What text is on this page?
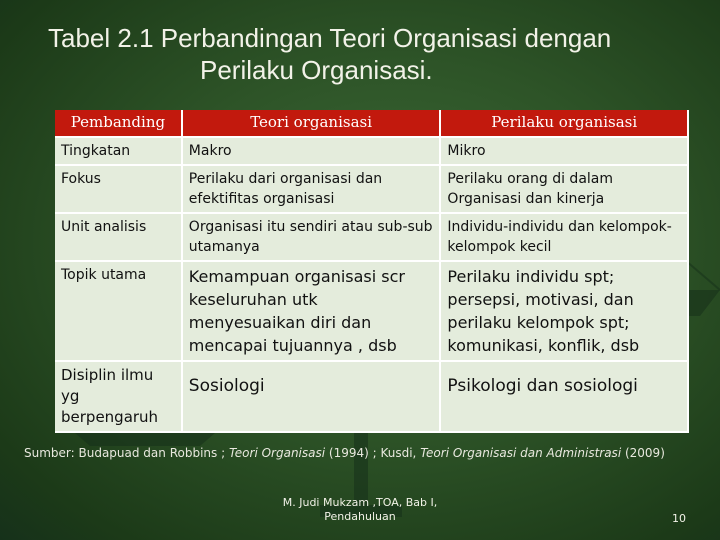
Tabel 2.1 Perbandingan Teori Organisasi dengan
Perilaku Organisasi.
Pembanding	Teori organisasi	Perilaku organisasi
Tingkatan	Makro	Mikro
Fokus	Perilaku dari organisasi dan efektifitas organisasi	Perilaku orang di dalam Organisasi dan kinerja
Unit analisis	Organisasi itu sendiri atau sub-sub utamanya	Individu-individu dan kelompok-kelompok kecil
Topik utama	Kemampuan organisasi scr keseluruhan utk menyesuaikan diri dan mencapai tujuannya , dsb	Perilaku individu spt; persepsi, motivasi, dan perilaku kelompok spt; komunikasi, konflik, dsb
Disiplin ilmu yg berpengaruh	Sosiologi	Psikologi dan sosiologi
Sumber: Budapuad dan Robbins ; Teori Organisasi (1994) ; Kusdi, Teori Organisasi dan Administrasi (2009)
M. Judi Mukzam ,TOA, Bab I,
Pendahuluan	10
